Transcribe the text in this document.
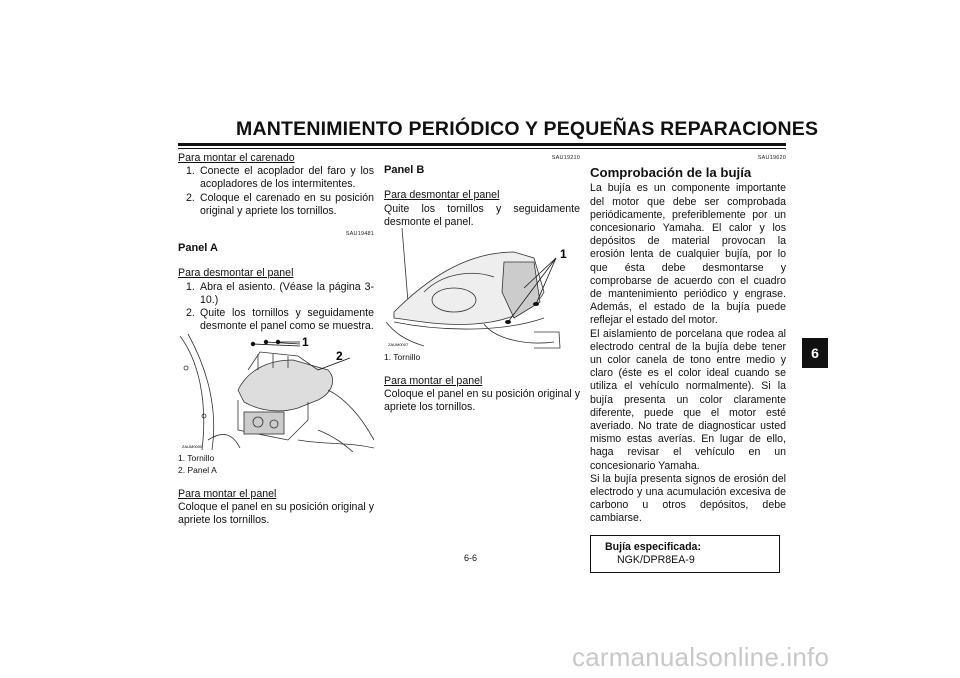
MANTENIMIENTO PERIÓDICO Y PEQUEÑAS REPARACIONES
6
Para montar el carenado
1. Conecte el acoplador del faro y los acopladores de los intermitentes.
2. Coloque el carenado en su posición original y apriete los tornillos.
SAU19481
Panel A
Para desmontar el panel
1. Abra el asiento. (Véase la página 3-10.)
2. Quite los tornillos y seguidamente desmonte el panel como se muestra.
1
2
ZAUM0000
1. Tornillo
2. Panel A
Para montar el panel
Coloque el panel en su posición original y apriete los tornillos.
SAU19210
Panel B
Para desmontar el panel
Quite los tornillos y seguidamente desmonte el panel.
1
ZAUM0007
1. Tornillo
Para montar el panel
Coloque el panel en su posición original y apriete los tornillos.
SAU19620
Comprobación de la bujía
La bujía es un componente importante del motor que debe ser comprobada periódicamente, preferiblemente por un concesionario Yamaha. El calor y los depósitos de material provocan la erosión lenta de cualquier bujía, por lo que ésta debe desmontarse y comprobarse de acuerdo con el cuadro de mantenimiento periódico y engrase. Además, el estado de la bujía puede reflejar el estado del motor.
El aislamiento de porcelana que rodea al electrodo central de la bujía debe tener un color canela de tono entre medio y claro (éste es el color ideal cuando se utiliza el vehículo normalmente). Si la bujía presenta un color claramente diferente, puede que el motor esté averiado. No trate de diagnosticar usted mismo estas averías. En lugar de ello, haga revisar el vehículo en un concesionario Yamaha.
Si la bujía presenta signos de erosión del electrodo y una acumulación excesiva de carbono u otros depósitos, debe cambiarse.
Bujía especificada:
NGK/DPR8EA-9
6-6
carmanualsonline.info
